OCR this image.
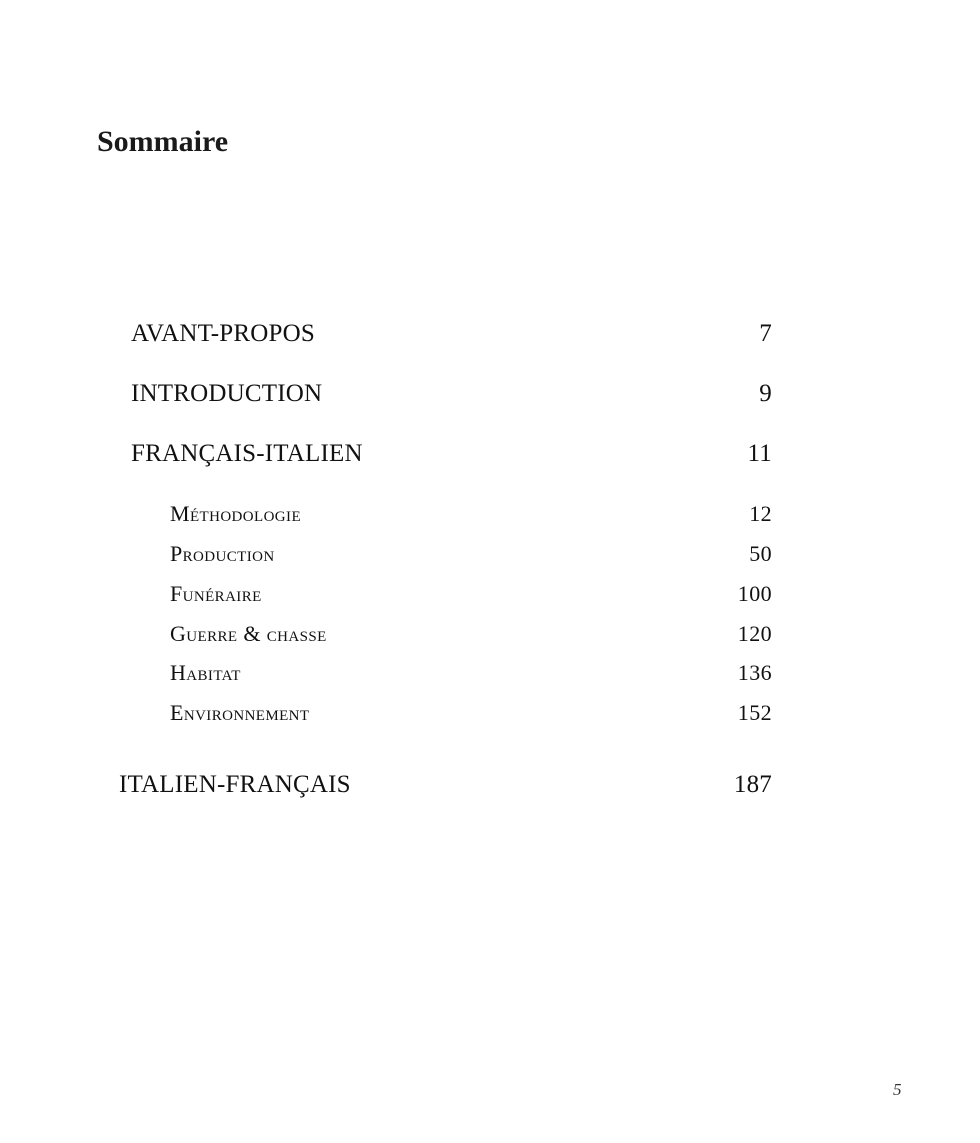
Sommaire
AVANT-PROPOS	7
INTRODUCTION	9
FRANÇAIS-ITALIEN	11
Méthodologie	12
Production	50
Funéraire	100
Guerre & chasse	120
Habitat	136
Environnement	152
ITALIEN-FRANÇAIS	187
5
